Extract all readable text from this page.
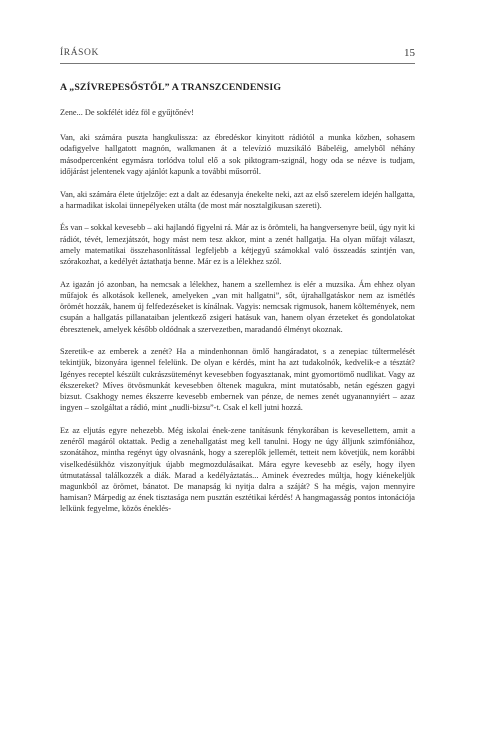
ÍRÁSOK	15
A „SZÍVREPESŐSTŐL” A TRANSZCENDENSIG

Zene... De sokfélét idéz föl e gyűjtőnév!

Van, aki számára puszta hangkulissza: az ébredéskor kinyitott rádiótól a munka közben, sohasem odafigyelve hallgatott magnón, walkmanen át a televízió muzsikáló Bábeléig, amelyből néhány másodpercenként egymásra torlódva tolul elő a sok piktogram-szignál, hogy oda se nézve is tudjam, időjárást jelentenek vagy ajánlót kapunk a további műsorról.

Van, aki számára élete útjelzője: ezt a dalt az édesanyja énekelte neki, azt az első szerelem idején hallgatta, a harmadikat iskolai ünnepélyeken utálta (de most már nosztalgikusan szereti).

És van – sokkal kevesebb – aki hajlandó figyelni rá. Már az is örömteli, ha hangversenyre beül, úgy nyit ki rádiót, tévét, lemezjátszót, hogy mást nem tesz akkor, mint a zenét hallgatja. Ha olyan műfajt választ, amely matematikai összehasonlítással legfeljebb a kétjegyű számokkal való összeadás szintjén van, szórakozhat, a kedélyét áztathatja benne. Már ez is a lélekhez szól.

Az igazán jó azonban, ha nemcsak a lélekhez, hanem a szellemhez is elér a muzsika. Ám ehhez olyan műfajok és alkotások kellenek, amelyeken „van mit hallgatni”, sőt, újrahallgatáskor nem az ismétlés örömét hozzák, hanem új felfedezéseket is kínálnak. Vagyis: nemcsak rigmusok, hanem költemények, nem csupán a hallgatás pillanataiban jelentkező zsigeri hatásuk van, hanem olyan érzeteket és gondolatokat ébresztenek, amelyek később oldódnak a szervezetben, maradandó élményt okoznak.

Szeretik-e az emberek a zenét? Ha a mindenhonnan ömlő hangáradatot, s a zenepiac túltermelését tekintjük, bizonyára igennel felelünk. De olyan e kérdés, mint ha azt tudakolnók, kedvelik-e a tésztát? Igényes receptel készült cukrászsüteményt kevesebben fogyasztanak, mint gyomortömő nudlikat. Vagy az ékszereket? Míves ötvösmunkát kevesebben öltenek magukra, mint mutatósabb, netán egészen gagyi bizsut. Csakhogy nemes ékszerre kevesebb embernek van pénze, de nemes zenét ugyanannyiért – azaz ingyen – szolgáltat a rádió, mint „nudli-bizsu”-t. Csak el kell jutni hozzá.

Ez az eljutás egyre nehezebb. Még iskolai ének-zene tanításunk fénykorában is kevesellettem, amit a zenéről magáról oktattak. Pedig a zenehallgatást meg kell tanulni. Hogy ne úgy álljunk szimfóniához, szonátához, mintha regényt úgy olvasnánk, hogy a szereplők jellemét, tetteit nem követjük, nem korábbi viselkedésükhöz viszonyítjuk újabb megmozdulásaikat. Mára egyre kevesebb az esély, hogy ilyen útmutatással találkozzék a diák. Marad a kedélyáztatás... Aminek évezredes múltja, hogy kiénekeljük magunkból az örömet, bánatot. De manapság ki nyitja dalra a száját? S ha mégis, vajon mennyire hamisan? Márpedig az ének tisztasága nem pusztán esztétikai kérdés! A hangmagasság pontos intonációja lelkünk fegyelme, közös éneklés-
